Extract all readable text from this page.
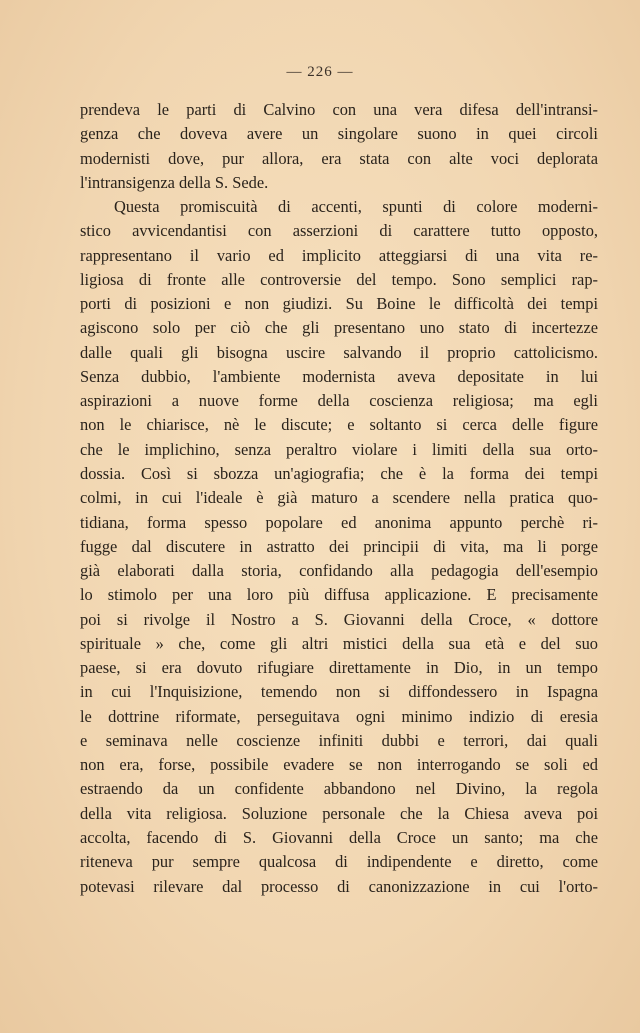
— 226 —
prendeva le parti di Calvino con una vera difesa dell'intransi-
genza che doveva avere un singolare suono in quei circoli
modernisti dove, pur allora, era stata con alte voci deplorata
l'intransigenza della S. Sede.
Questa promiscuità di accenti, spunti di colore moderni-
stico avvicendantisi con asserzioni di carattere tutto opposto,
rappresentano il vario ed implicito atteggiarsi di una vita re-
ligiosa di fronte alle controversie del tempo. Sono semplici rap-
porti di posizioni e non giudizi. Su Boine le difficoltà dei tempi
agiscono solo per ciò che gli presentano uno stato di incertezze
dalle quali gli bisogna uscire salvando il proprio cattolicismo.
Senza dubbio, l'ambiente modernista aveva depositate in lui
aspirazioni a nuove forme della coscienza religiosa; ma egli
non le chiarisce, nè le discute; e soltanto si cerca delle figure
che le implichino, senza peraltro violare i limiti della sua orto-
dossia. Così si sbozza un'agiografia; che è la forma dei tempi
colmi, in cui l'ideale è già maturo a scendere nella pratica quo-
tidiana, forma spesso popolare ed anonima appunto perchè ri-
fugge dal discutere in astratto dei principii di vita, ma li porge
già elaborati dalla storia, confidando alla pedagogia dell'esempio
lo stimolo per una loro più diffusa applicazione. E precisamente
poi si rivolge il Nostro a S. Giovanni della Croce, « dottore
spirituale » che, come gli altri mistici della sua età e del suo
paese, si era dovuto rifugiare direttamente in Dio, in un tempo
in cui l'Inquisizione, temendo non si diffondessero in Ispagna
le dottrine riformate, perseguitava ogni minimo indizio di eresia
e seminava nelle coscienze infiniti dubbi e terrori, dai quali
non era, forse, possibile evadere se non interrogando se soli ed
estraendo da un confidente abbandono nel Divino, la regola
della vita religiosa. Soluzione personale che la Chiesa aveva poi
accolta, facendo di S. Giovanni della Croce un santo; ma che
riteneva pur sempre qualcosa di indipendente e diretto, come
potevasi rilevare dal processo di canonizzazione in cui l'orto-
